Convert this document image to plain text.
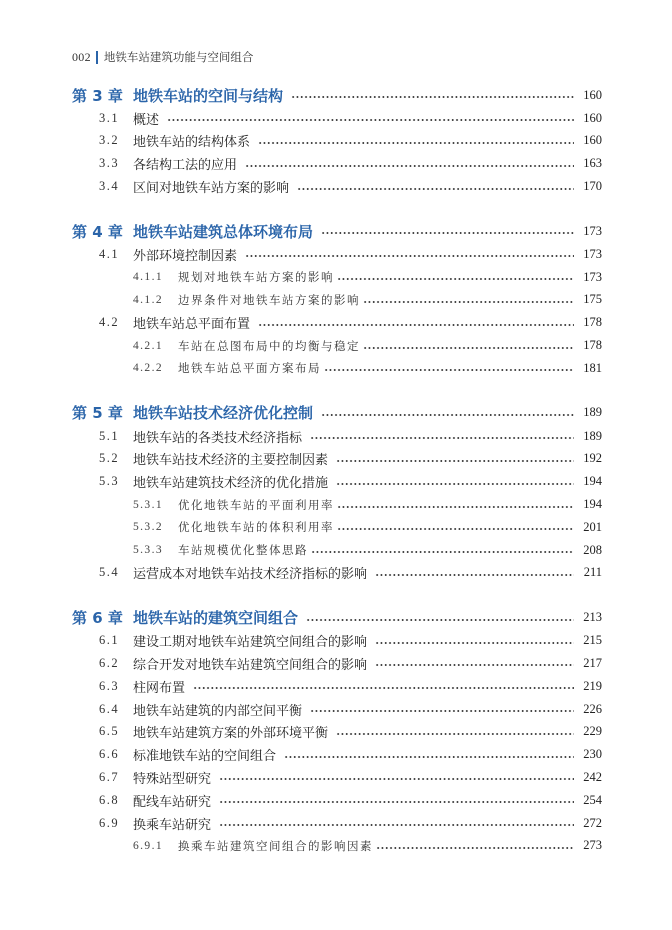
002 地铁车站建筑功能与空间组合
第 3 章 地铁车站的空间与结构	160
3.1	概述	160
3.2	地铁车站的结构体系	160
3.3	各结构工法的应用	163
3.4	区间对地铁车站方案的影响	170
第 4 章 地铁车站建筑总体环境布局	173
4.1	外部环境控制因素	173
4.1.1	规划对地铁车站方案的影响	173
4.1.2	边界条件对地铁车站方案的影响	175
4.2	地铁车站总平面布置	178
4.2.1	车站在总图布局中的均衡与稳定	178
4.2.2	地铁车站总平面方案布局	181
第 5 章 地铁车站技术经济优化控制	189
5.1	地铁车站的各类技术经济指标	189
5.2	地铁车站技术经济的主要控制因素	192
5.3	地铁车站建筑技术经济的优化措施	194
5.3.1	优化地铁车站的平面利用率	194
5.3.2	优化地铁车站的体积利用率	201
5.3.3	车站规模优化整体思路	208
5.4	运营成本对地铁车站技术经济指标的影响	211
第 6 章 地铁车站的建筑空间组合	213
6.1	建设工期对地铁车站建筑空间组合的影响	215
6.2	综合开发对地铁车站建筑空间组合的影响	217
6.3	柱网布置	219
6.4	地铁车站建筑的内部空间平衡	226
6.5	地铁车站建筑方案的外部环境平衡	229
6.6	标准地铁车站的空间组合	230
6.7	特殊站型研究	242
6.8	配线车站研究	254
6.9	换乘车站研究	272
6.9.1	换乘车站建筑空间组合的影响因素	273
